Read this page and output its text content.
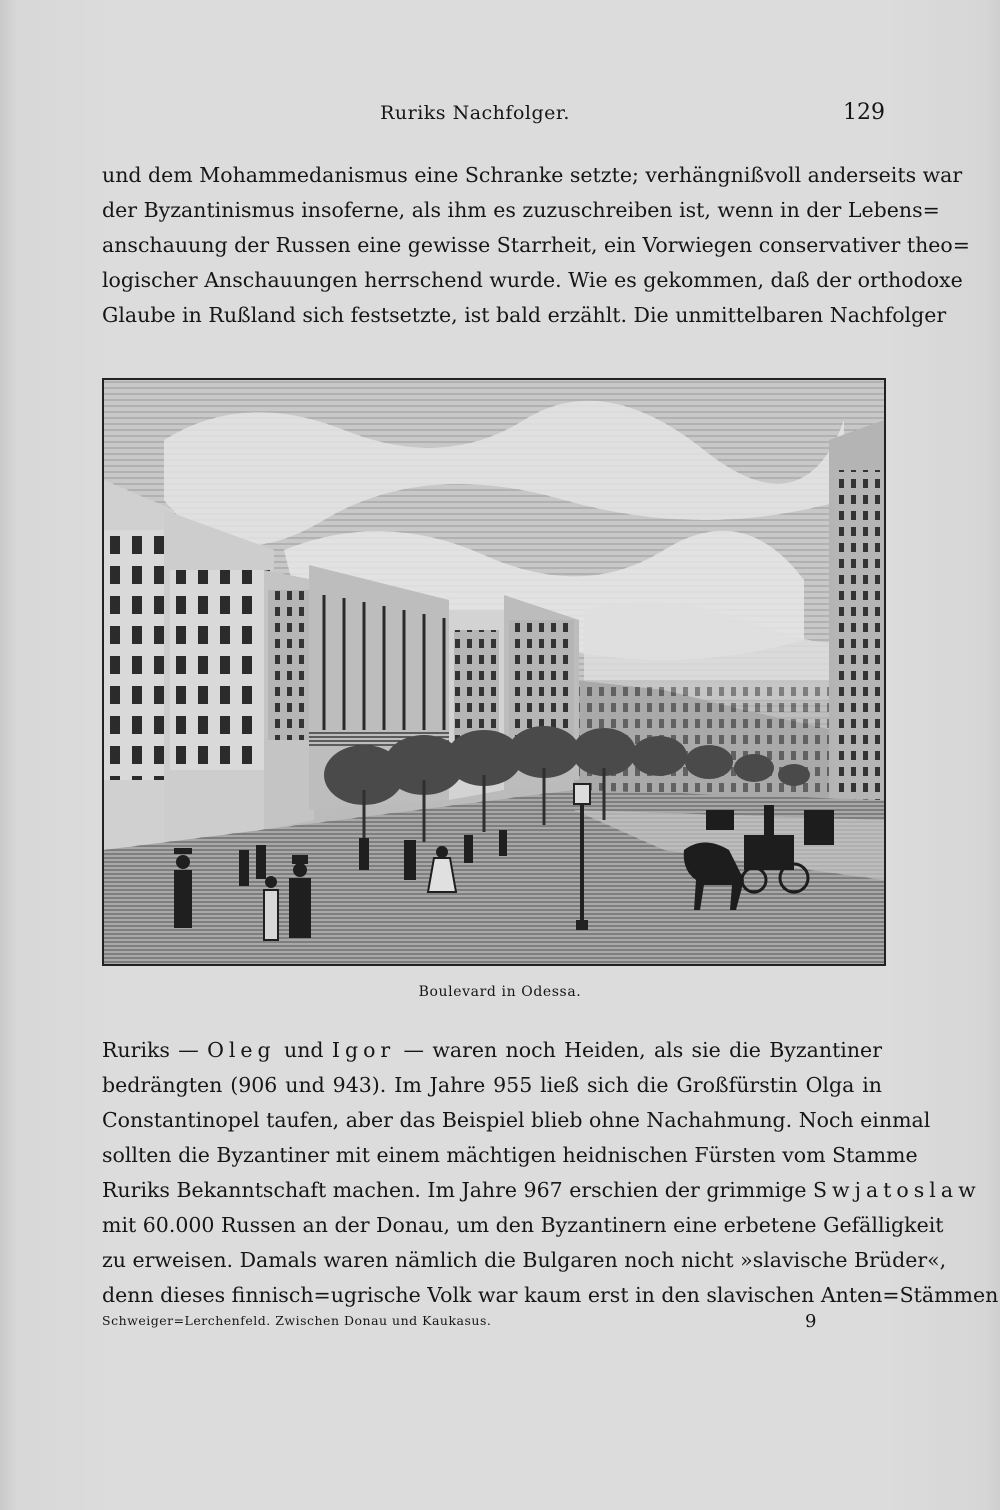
Ruriks Nachfolger.	129
und dem Mohammedanismus eine Schranke setzte; verhängnißvoll anderseits war
der Byzantinismus insoferne, als ihm es zuzuschreiben ist, wenn in der Lebens=
anschauung der Russen eine gewisse Starrheit, ein Vorwiegen conservativer theo=
logischer Anschauungen herrschend wurde. Wie es gekommen, daß der orthodoxe
Glaube in Rußland sich festsetzte, ist bald erzählt. Die unmittelbaren Nachfolger
Boulevard in Odessa.
Ruriks — Oleg und Igor — waren noch Heiden, als sie die Byzantiner
bedrängten (906 und 943). Im Jahre 955 ließ sich die Großfürstin Olga in
Constantinopel taufen, aber das Beispiel blieb ohne Nachahmung. Noch einmal
sollten die Byzantiner mit einem mächtigen heidnischen Fürsten vom Stamme
Ruriks Bekanntschaft machen. Im Jahre 967 erschien der grimmige Swjatoslaw
mit 60.000 Russen an der Donau, um den Byzantinern eine erbetene Gefälligkeit
zu erweisen. Damals waren nämlich die Bulgaren noch nicht »slavische Brüder«,
denn dieses finnisch=ugrische Volk war kaum erst in den slavischen Anten=Stämmen
Schweiger=Lerchenfeld. Zwischen Donau und Kaukasus.	9
